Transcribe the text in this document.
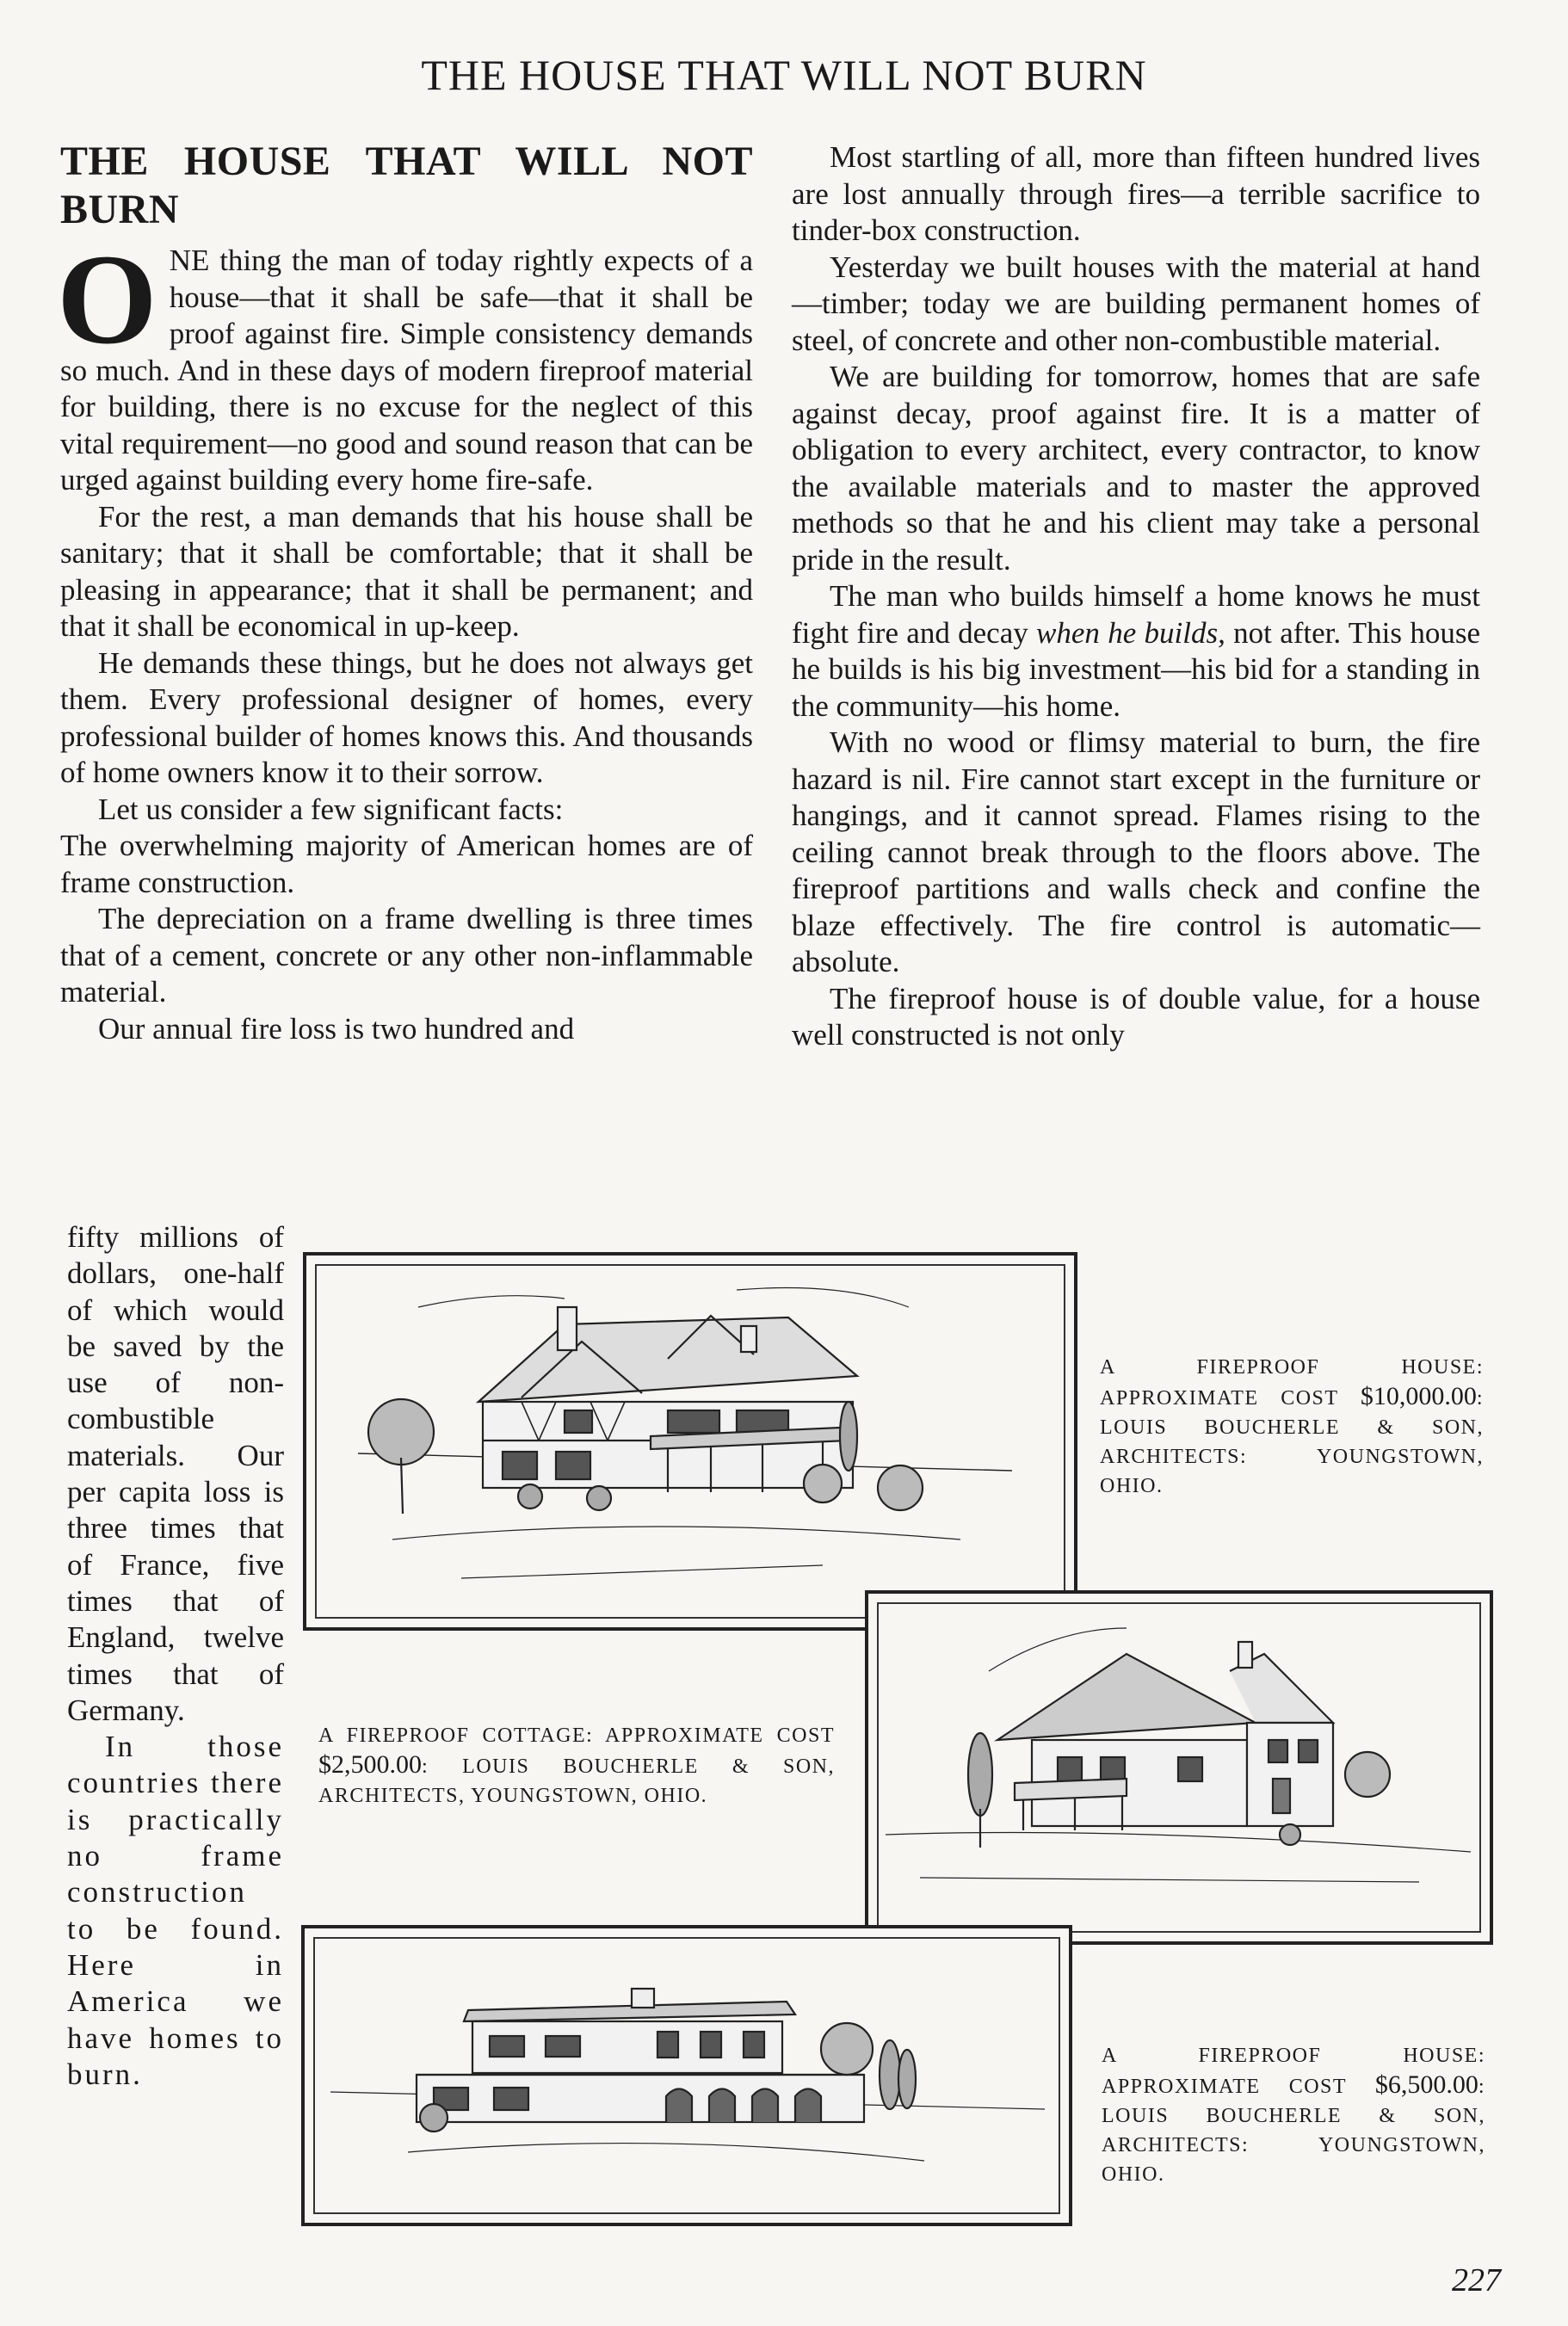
THE HOUSE THAT WILL NOT BURN
THE HOUSE THAT WILL NOT BURN

ONE thing the man of today rightly expects of a house—that it shall be safe—that it shall be proof against fire. Simple consistency demands so much. And in these days of modern fireproof material for building, there is no excuse for the neglect of this vital requirement—no good and sound reason that can be urged against building every home fire-safe.

For the rest, a man demands that his house shall be sanitary; that it shall be comfortable; that it shall be pleasing in appearance; that it shall be permanent; and that it shall be economical in up-keep.

He demands these things, but he does not always get them. Every professional designer of homes, every professional builder of homes knows this. And thousands of home owners know it to their sorrow.

Let us consider a few significant facts:

The overwhelming majority of American homes are of frame construction.

The depreciation on a frame dwelling is three times that of a cement, concrete or any other non-inflammable material.

Our annual fire loss is two hundred and

fifty millions of dollars, one-half of which would be saved by the use of non-combustible materials. Our per capita loss is three times that of France, five times that of England, twelve times that of Germany.

In those countries there is practically no frame construction to be found. Here in America we have homes to burn.

Most startling of all, more than fifteen hundred lives are lost annually through fires—a terrible sacrifice to tinder-box construction.

Yesterday we built houses with the material at hand—timber; today we are building permanent homes of steel, of concrete and other non-combustible material.

We are building for tomorrow, homes that are safe against decay, proof against fire. It is a matter of obligation to every architect, every contractor, to know the available materials and to master the approved methods so that he and his client may take a personal pride in the result.

The man who builds himself a home knows he must fight fire and decay when he builds, not after. This house he builds is his big investment—his bid for a standing in the community—his home.

With no wood or flimsy material to burn, the fire hazard is nil. Fire cannot start except in the furniture or hangings, and it cannot spread. Flames rising to the ceiling cannot break through to the floors above. The fireproof partitions and walls check and confine the blaze effectively. The fire control is automatic—absolute.

The fireproof house is of double value, for a house well constructed is not only

A FIREPROOF HOUSE: APPROXIMATE COST $10,000.00: LOUIS BOUCHERLE & SON, ARCHITECTS: YOUNGSTOWN, OHIO.
A FIREPROOF COTTAGE: APPROXIMATE COST $2,500.00: LOUIS BOUCHERLE & SON, ARCHITECTS, YOUNGSTOWN, OHIO.
A FIREPROOF HOUSE: APPROXIMATE COST $6,500.00: LOUIS BOUCHERLE & SON, ARCHITECTS: YOUNGSTOWN, OHIO.
227
